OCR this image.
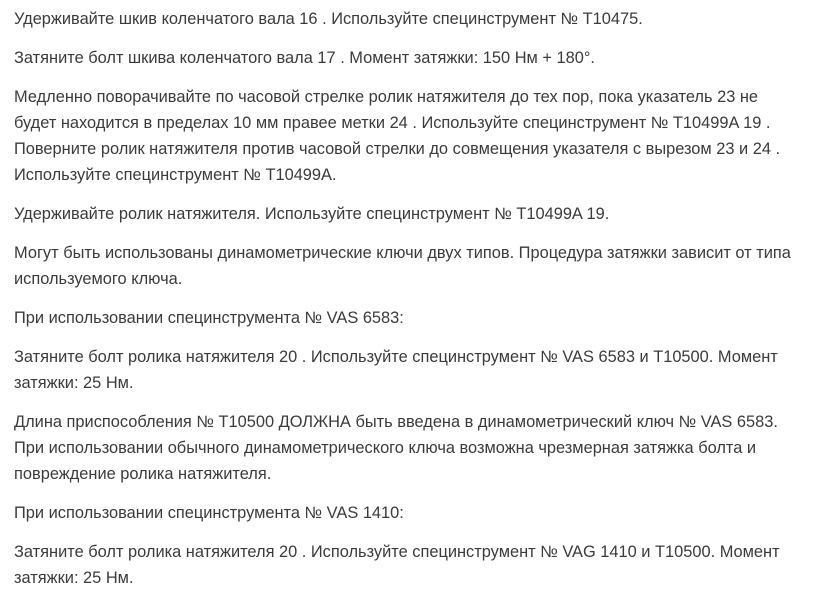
Удерживайте шкив коленчатого вала 16 . Используйте специнструмент № T10475.

Затяните болт шкива коленчатого вала 17 . Момент затяжки: 150 Нм + 180°.

Медленно поворачивайте по часовой стрелке ролик натяжителя до тех пор, пока указатель 23 не
будет находится в пределах 10 мм правее метки 24 . Используйте специнструмент № T10499A 19 .
Поверните ролик натяжителя против часовой стрелки до совмещения указателя с вырезом 23 и 24 .
Используйте специнструмент № T10499A.

Удерживайте ролик натяжителя. Используйте специнструмент № T10499A 19.

Могут быть использованы динамометрические ключи двух типов. Процедура затяжки зависит от типа
используемого ключа.

При использовании специнструмента № VAS 6583:

Затяните болт ролика натяжителя 20 . Используйте специнструмент № VAS 6583 и T10500. Момент
затяжки: 25 Нм.

Длина приспособления № T10500 ДОЛЖНА быть введена в динамометрический ключ № VAS 6583.
При использовании обычного динамометрического ключа возможна чрезмерная затяжка болта и
повреждение ролика натяжителя.

При использовании специнструмента № VAS 1410:

Затяните болт ролика натяжителя 20 . Используйте специнструмент № VAG 1410 и T10500. Момент
затяжки: 25 Нм.
